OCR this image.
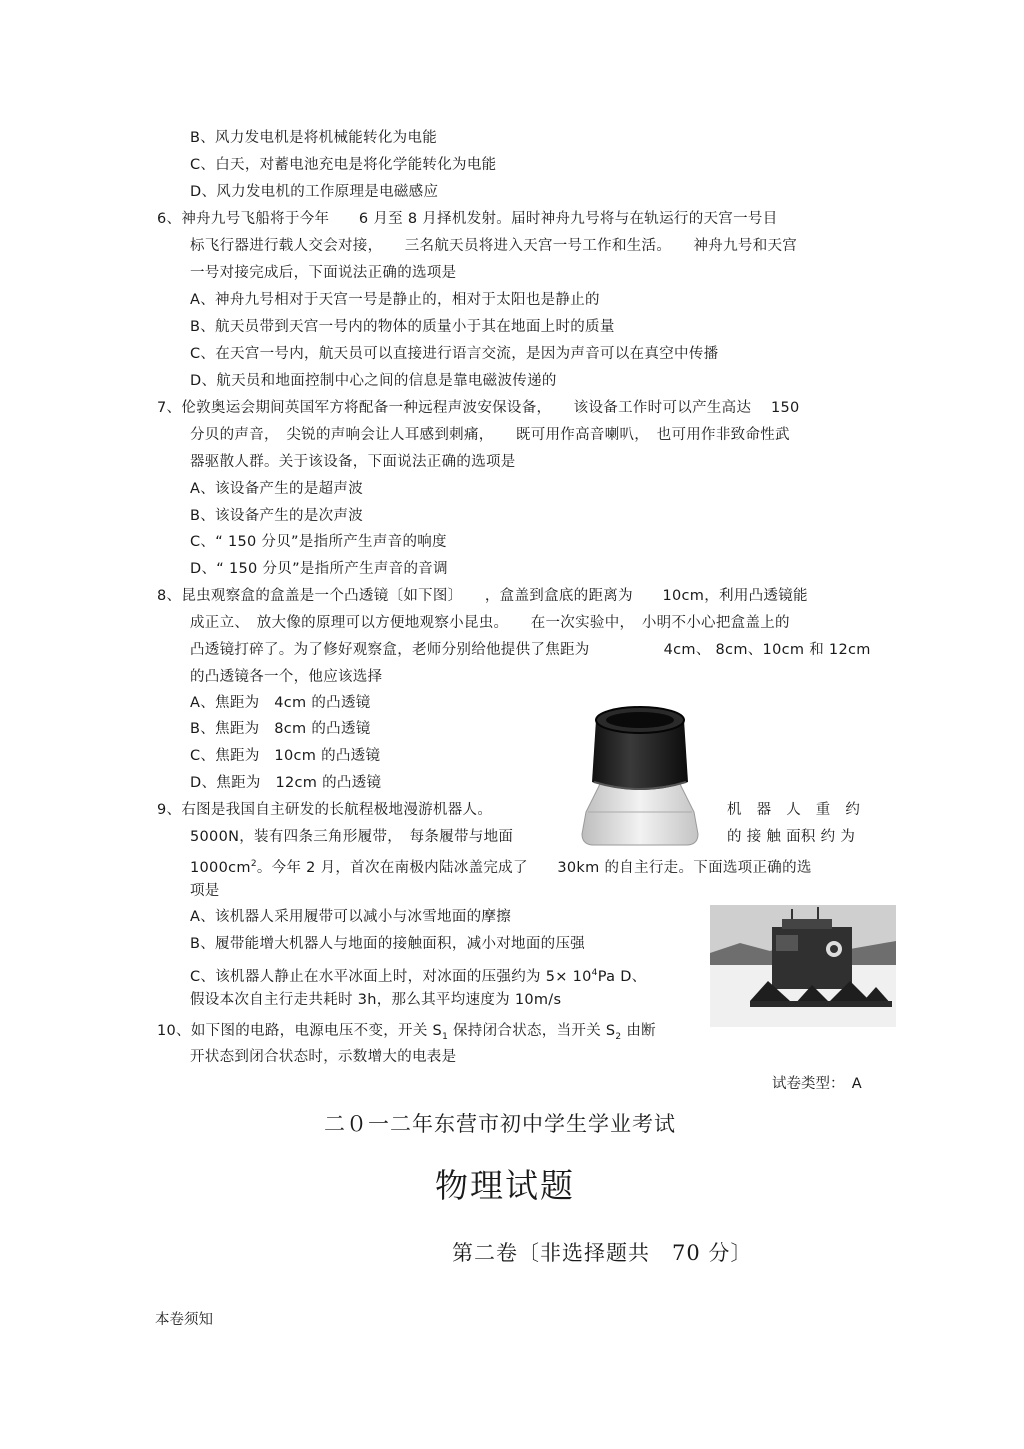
B、风力发电机是将机械能转化为电能
C、白天，对蓄电池充电是将化学能转化为电能
D、风力发电机的工作原理是电磁感应
6、神舟九号飞船将于今年　　6 月至 8 月择机发射。届时神舟九号将与在轨运行的天宫一号目
标飞行器进行载人交会对接，　　三名航天员将进入天宫一号工作和生活。　　神舟九号和天宫
一号对接完成后，下面说法正确的选项是
A、神舟九号相对于天宫一号是静止的，相对于太阳也是静止的
B、航天员带到天宫一号内的物体的质量小于其在地面上时的质量
C、在天宫一号内，航天员可以直接进行语言交流，是因为声音可以在真空中传播
D、航天员和地面控制中心之间的信息是靠电磁波传递的
7、伦敦奥运会期间英国军方将配备一种远程声波安保设备，　　该设备工作时可以产生高达　 150
分贝的声音，　尖锐的声响会让人耳感到刺痛，　　既可用作高音喇叭，　也可用作非致命性武
器驱散人群。关于该设备，下面说法正确的选项是
A、该设备产生的是超声波
B、该设备产生的是次声波
C、“ 150 分贝”是指所产生声音的响度
D、“ 150 分贝”是指所产生声音的音调
8、昆虫观察盒的盒盖是一个凸透镜〔如下图〕　　，盒盖到盒底的距离为　　10cm，利用凸透镜能
成正立、　放大像的原理可以方便地观察小昆虫。　　在一次实验中，　小明不小心把盒盖上的
凸透镜打碎了。为了修好观察盒，老师分别给他提供了焦距为　　　　　4cm、 8cm、10cm 和 12cm
的凸透镜各一个，他应该选择
A、焦距为　4cm 的凸透镜
B、焦距为　8cm 的凸透镜
C、焦距为　10cm 的凸透镜
D、焦距为　12cm 的凸透镜
9、右图是我国自主研发的长航程极地漫游机器人。	机　器　人　重　约
5000N，装有四条三角形履带，　每条履带与地面	的 接 触 面积 约 为
$1000cm^2$。今年 2 月，首次在南极内陆冰盖完成了　　30km 的自主行走。下面选项正确的选
项是
A、该机器人采用履带可以减小与冰雪地面的摩擦
B、履带能增大机器人与地面的接触面积，减小对地面的压强
C、该机器人静止在水平冰面上时，对冰面的压强约为 $5\times 10^4Pa$ D、
假设本次自主行走共耗时 3h，那么其平均速度为 10m/s
10、如下图的电路，电源电压不变，开关 $S_1$ 保持闭合状态，当开关 $S_2$ 由断
开状态到闭合状态时，示数增大的电表是
试卷类型：　A
二０一二年东营市初中学生学业考试
物理试题
第二卷〔非选择题共　70 分〕
本卷须知
